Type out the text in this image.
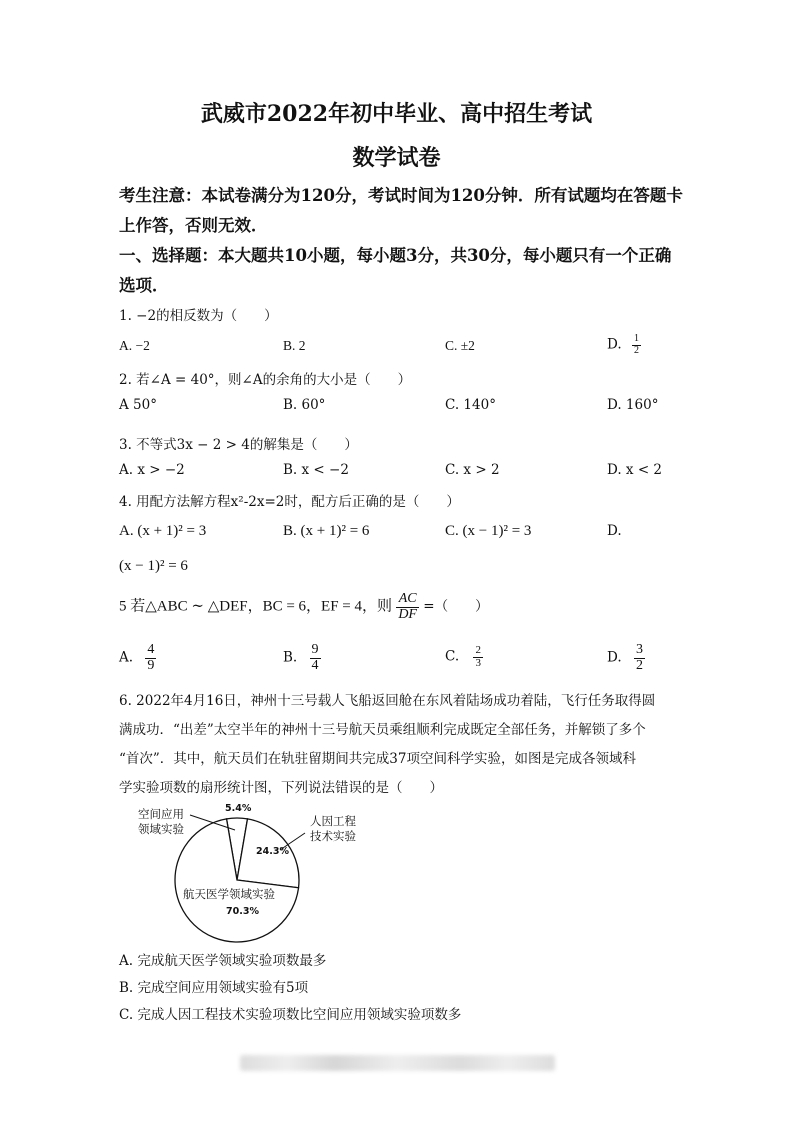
武威市2022年初中毕业、高中招生考试
数学试卷
考生注意：本试卷满分为120分，考试时间为120分钟．所有试题均在答题卡
上作答，否则无效．
一、选择题：本大题共10小题，每小题3分，共30分，每小题只有一个正确
选项．
1. −2的相反数为（　　）
A. −2	B. 2	C. ±2	D. $\frac{1}{2}$
2. 若∠A = 40°，则∠A的余角的大小是（　　）
A 50°	B. 60°	C. 140°	D. 160°
3. 不等式3x − 2 > 4的解集是（　　）
A. x > −2	B. x < −2	C. x > 2	D. x < 2
4. 用配方法解方程x²-2x=2时，配方后正确的是（　　）
A. (x + 1)² = 3	B. (x + 1)² = 6	C. (x − 1)² = 3	D.
(x − 1)² = 6
5 若△ABC ∼ △DEF，BC = 6，EF = 4，则 $\frac{AC}{DF}$ =（　　）
A. $\frac{4}{9}$	B. $\frac{9}{4}$	C. $\frac{2}{3}$	D. $\frac{3}{2}$
6. 2022年4月16日，神州十三号载人飞船返回舱在东风着陆场成功着陆，飞行任务取得圆
满成功．“出差”太空半年的神州十三号航天员乘组顺利完成既定全部任务，并解锁了多个
“首次”．其中，航天员们在轨驻留期间共完成37项空间科学实验，如图是完成各领域科
学实验项数的扇形统计图，下列说法错误的是（　　）
空间应用
领域实验
5.4%
人因工程
技术实验
24.3%
航天医学领域实验
70.3%
A. 完成航天医学领域实验项数最多
B. 完成空间应用领域实验有5项
C. 完成人因工程技术实验项数比空间应用领域实验项数多
